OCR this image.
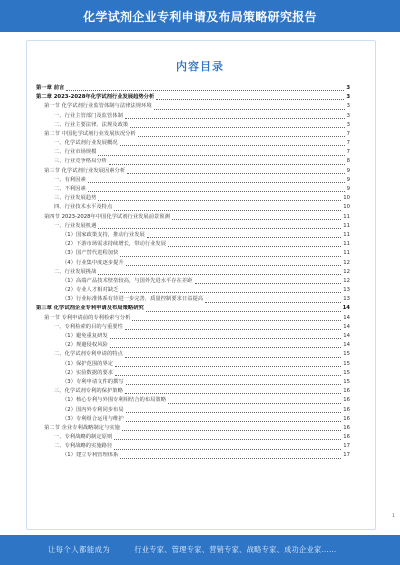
化学试剂企业专利申请及布局策略研究报告
内容目录
第一章 前言	3
第二章 2023-2028年化学试剂行业发展趋势分析	3
第一节 化学试剂行业监管体制与法律法规环境	3
一、行业主管部门及监管体制	3
二、行业主要法律、法规及政策	3
第二节 中国化学试剂行业发展状况分析	7
一、化学试剂行业发展概况	7
二、行业市场规模	7
三、行业竞争格局分析	8
第三节 化学试剂行业发展因素分析	9
一、有利因素	9
二、不利因素	9
三、行业发展趋势	10
四、行业技术水平及特点	10
第四节 2023-2028年中国化学试剂行业发展前景预测	11
一、行业发展机遇	11
（1）国家政策支持，推动行业发展	11
（2）下游市场需求持续增长，带动行业发展	11
（3）国产替代进程加快	11
（4）行业集中度逐步提升	12
二、行业发展挑战	12
（1）高端产品技术壁垒较高，与国外先进水平存在差距	12
（2）专业人才相对缺乏	13
（3）行业标准体系有待进一步完善，质量控制要求日益提高	13
第三章 化学试剂企业专利申请及布局策略研究	14
第一节 专利申请前的专利检索与分析	14
一、专利检索的目的与重要性	14
（1）避免重复研发	14
（2）规避侵权风险	14
二、化学试剂专利申请的特点	15
（1）保护范围的界定	15
（2）实验数据的要求	15
（3）专利申请文件的撰写	15
三、化学试剂专利的保护策略	16
（1）核心专利与外围专利相结合的布局策略	16
（2）国内外专利同步布局	16
（3）专利组合运用与维护	16
第二节 企业专利战略制定与实施	16
一、专利战略的制定原则	16
二、专利战略的实施路径	17
（1）建立专利管理体系	17
1
让每个人都能成为	行业专家、管理专家、营销专家、战略专家、成功企业家……
